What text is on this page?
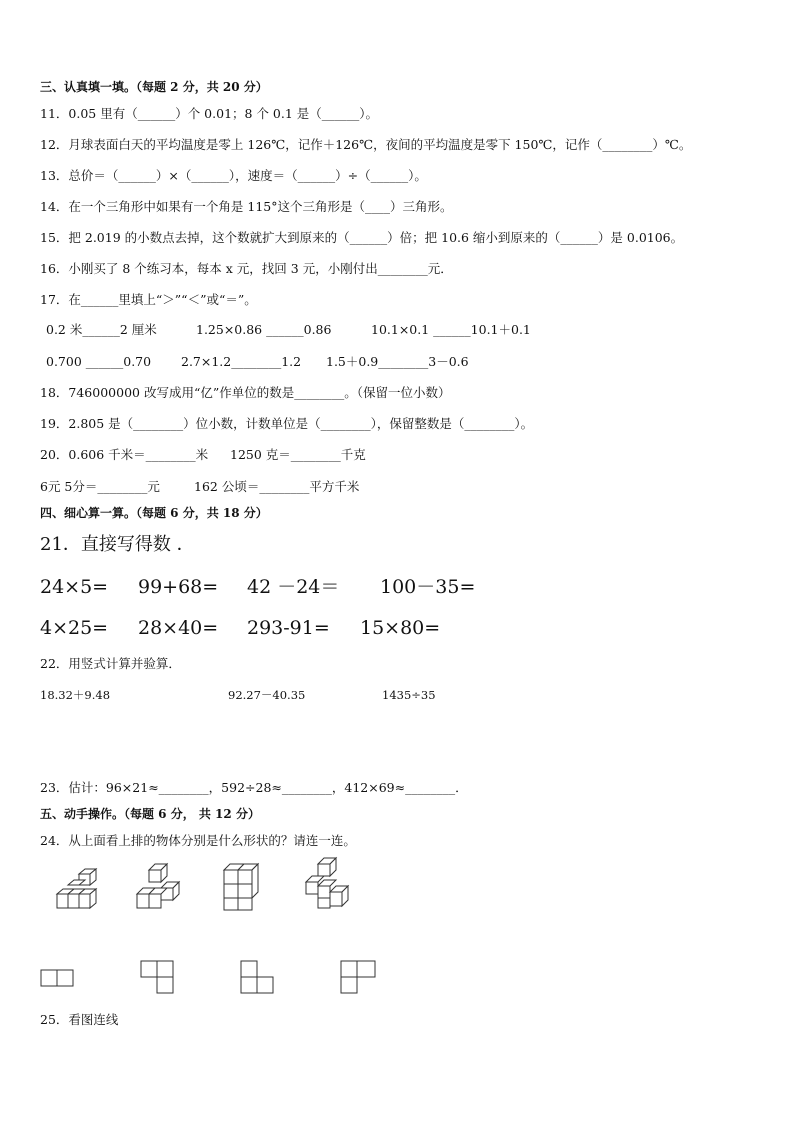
三、认真填一填。（每题 2 分，共 20 分）
11．0.05 里有（______）个 0.01；8 个 0.1 是（______）。
12．月球表面白天的平均温度是零上 126℃，记作＋126℃，夜间的平均温度是零下 150℃，记作（________）℃。
13．总价＝（______）×（______），速度＝（______）÷（______）。
14．在一个三角形中如果有一个角是 115°这个三角形是（____）三角形。
15．把 2.019 的小数点去掉，这个数就扩大到原来的（______）倍；把 10.6 缩小到原来的（______）是 0.0106。
16．小刚买了 8 个练习本，每本 x 元，找回 3 元，小刚付出________元．
17．在______里填上“＞”“＜”或“＝”。
0.2 米______2 厘米	1.25×0.86 ______0.86	10.1×0.1 ______10.1＋0.1
0.700 ______0.70 2.7×1.2________1.2 1.5＋0.9________3－0.6
18．746000000 改写成用“亿”作单位的数是________。（保留一位小数）
19．2.805 是（________）位小数，计数单位是（________），保留整数是（________）。
20．0.606 千米＝________米 1250 克＝________千克
6元 5分＝________元	162 公顷＝________平方千米
四、细心算一算。（每题 6 分，共 18 分）
21．直接写得数 ．
24×5= 99+68= 42 －24＝ 100－35=
4×25= 28×40= 293-91= 15×80=
22．用竖式计算并验算．
18.32＋9.48	92.27－40.35	1435÷35
23．估计：96×21≈________，592÷28≈________，412×69≈________．
五、动手操作。（每题 6 分， 共 12 分）
24．从上面看上排的物体分别是什么形状的？请连一连。
25．看图连线
